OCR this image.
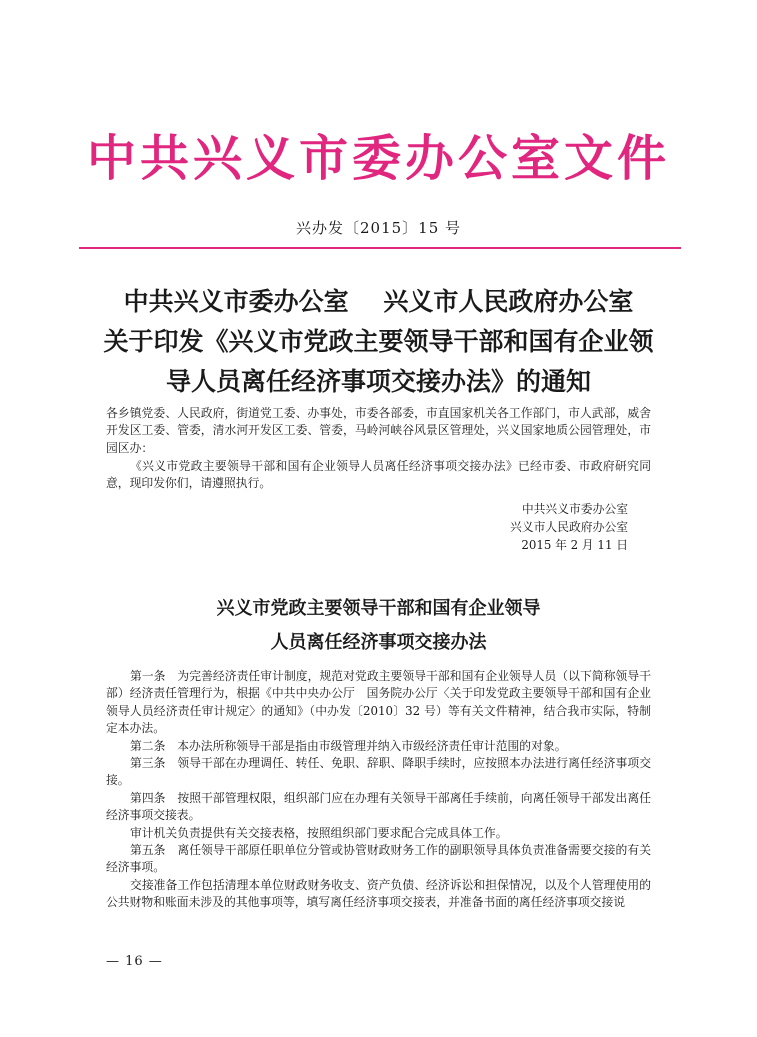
中共兴义市委办公室文件
兴办发〔2015〕15 号
中共兴义市委办公室    兴义市人民政府办公室
关于印发《兴义市党政主要领导干部和国有企业领
导人员离任经济事项交接办法》的通知

各乡镇党委、人民政府，街道党工委、办事处，市委各部委，市直国家机关各工作部门，市人武部，威舍开发区工委、管委，清水河开发区工委、管委，马岭河峡谷风景区管理处，兴义国家地质公园管理处，市园区办：

《兴义市党政主要领导干部和国有企业领导人员离任经济事项交接办法》已经市委、市政府研究同意，现印发你们，请遵照执行。

中共兴义市委办公室
兴义市人民政府办公室
2015 年 2 月 11 日
兴义市党政主要领导干部和国有企业领导
人员离任经济事项交接办法

第一条　为完善经济责任审计制度，规范对党政主要领导干部和国有企业领导人员（以下简称领导干部）经济责任管理行为，根据《中共中央办公厅　国务院办公厅〈关于印发党政主要领导干部和国有企业领导人员经济责任审计规定〉的通知》（中办发〔2010〕32 号）等有关文件精神，结合我市实际，特制定本办法。

第二条　本办法所称领导干部是指由市级管理并纳入市级经济责任审计范围的对象。

第三条　领导干部在办理调任、转任、免职、辞职、降职手续时，应按照本办法进行离任经济事项交接。

第四条　按照干部管理权限，组织部门应在办理有关领导干部离任手续前，向离任领导干部发出离任经济事项交接表。

审计机关负责提供有关交接表格，按照组织部门要求配合完成具体工作。

第五条　离任领导干部原任职单位分管或协管财政财务工作的副职领导具体负责准备需要交接的有关经济事项。

交接准备工作包括清理本单位财政财务收支、资产负债、经济诉讼和担保情况，以及个人管理使用的公共财物和账面未涉及的其他事项等，填写离任经济事项交接表，并准备书面的离任经济事项交接说

— 16 —
